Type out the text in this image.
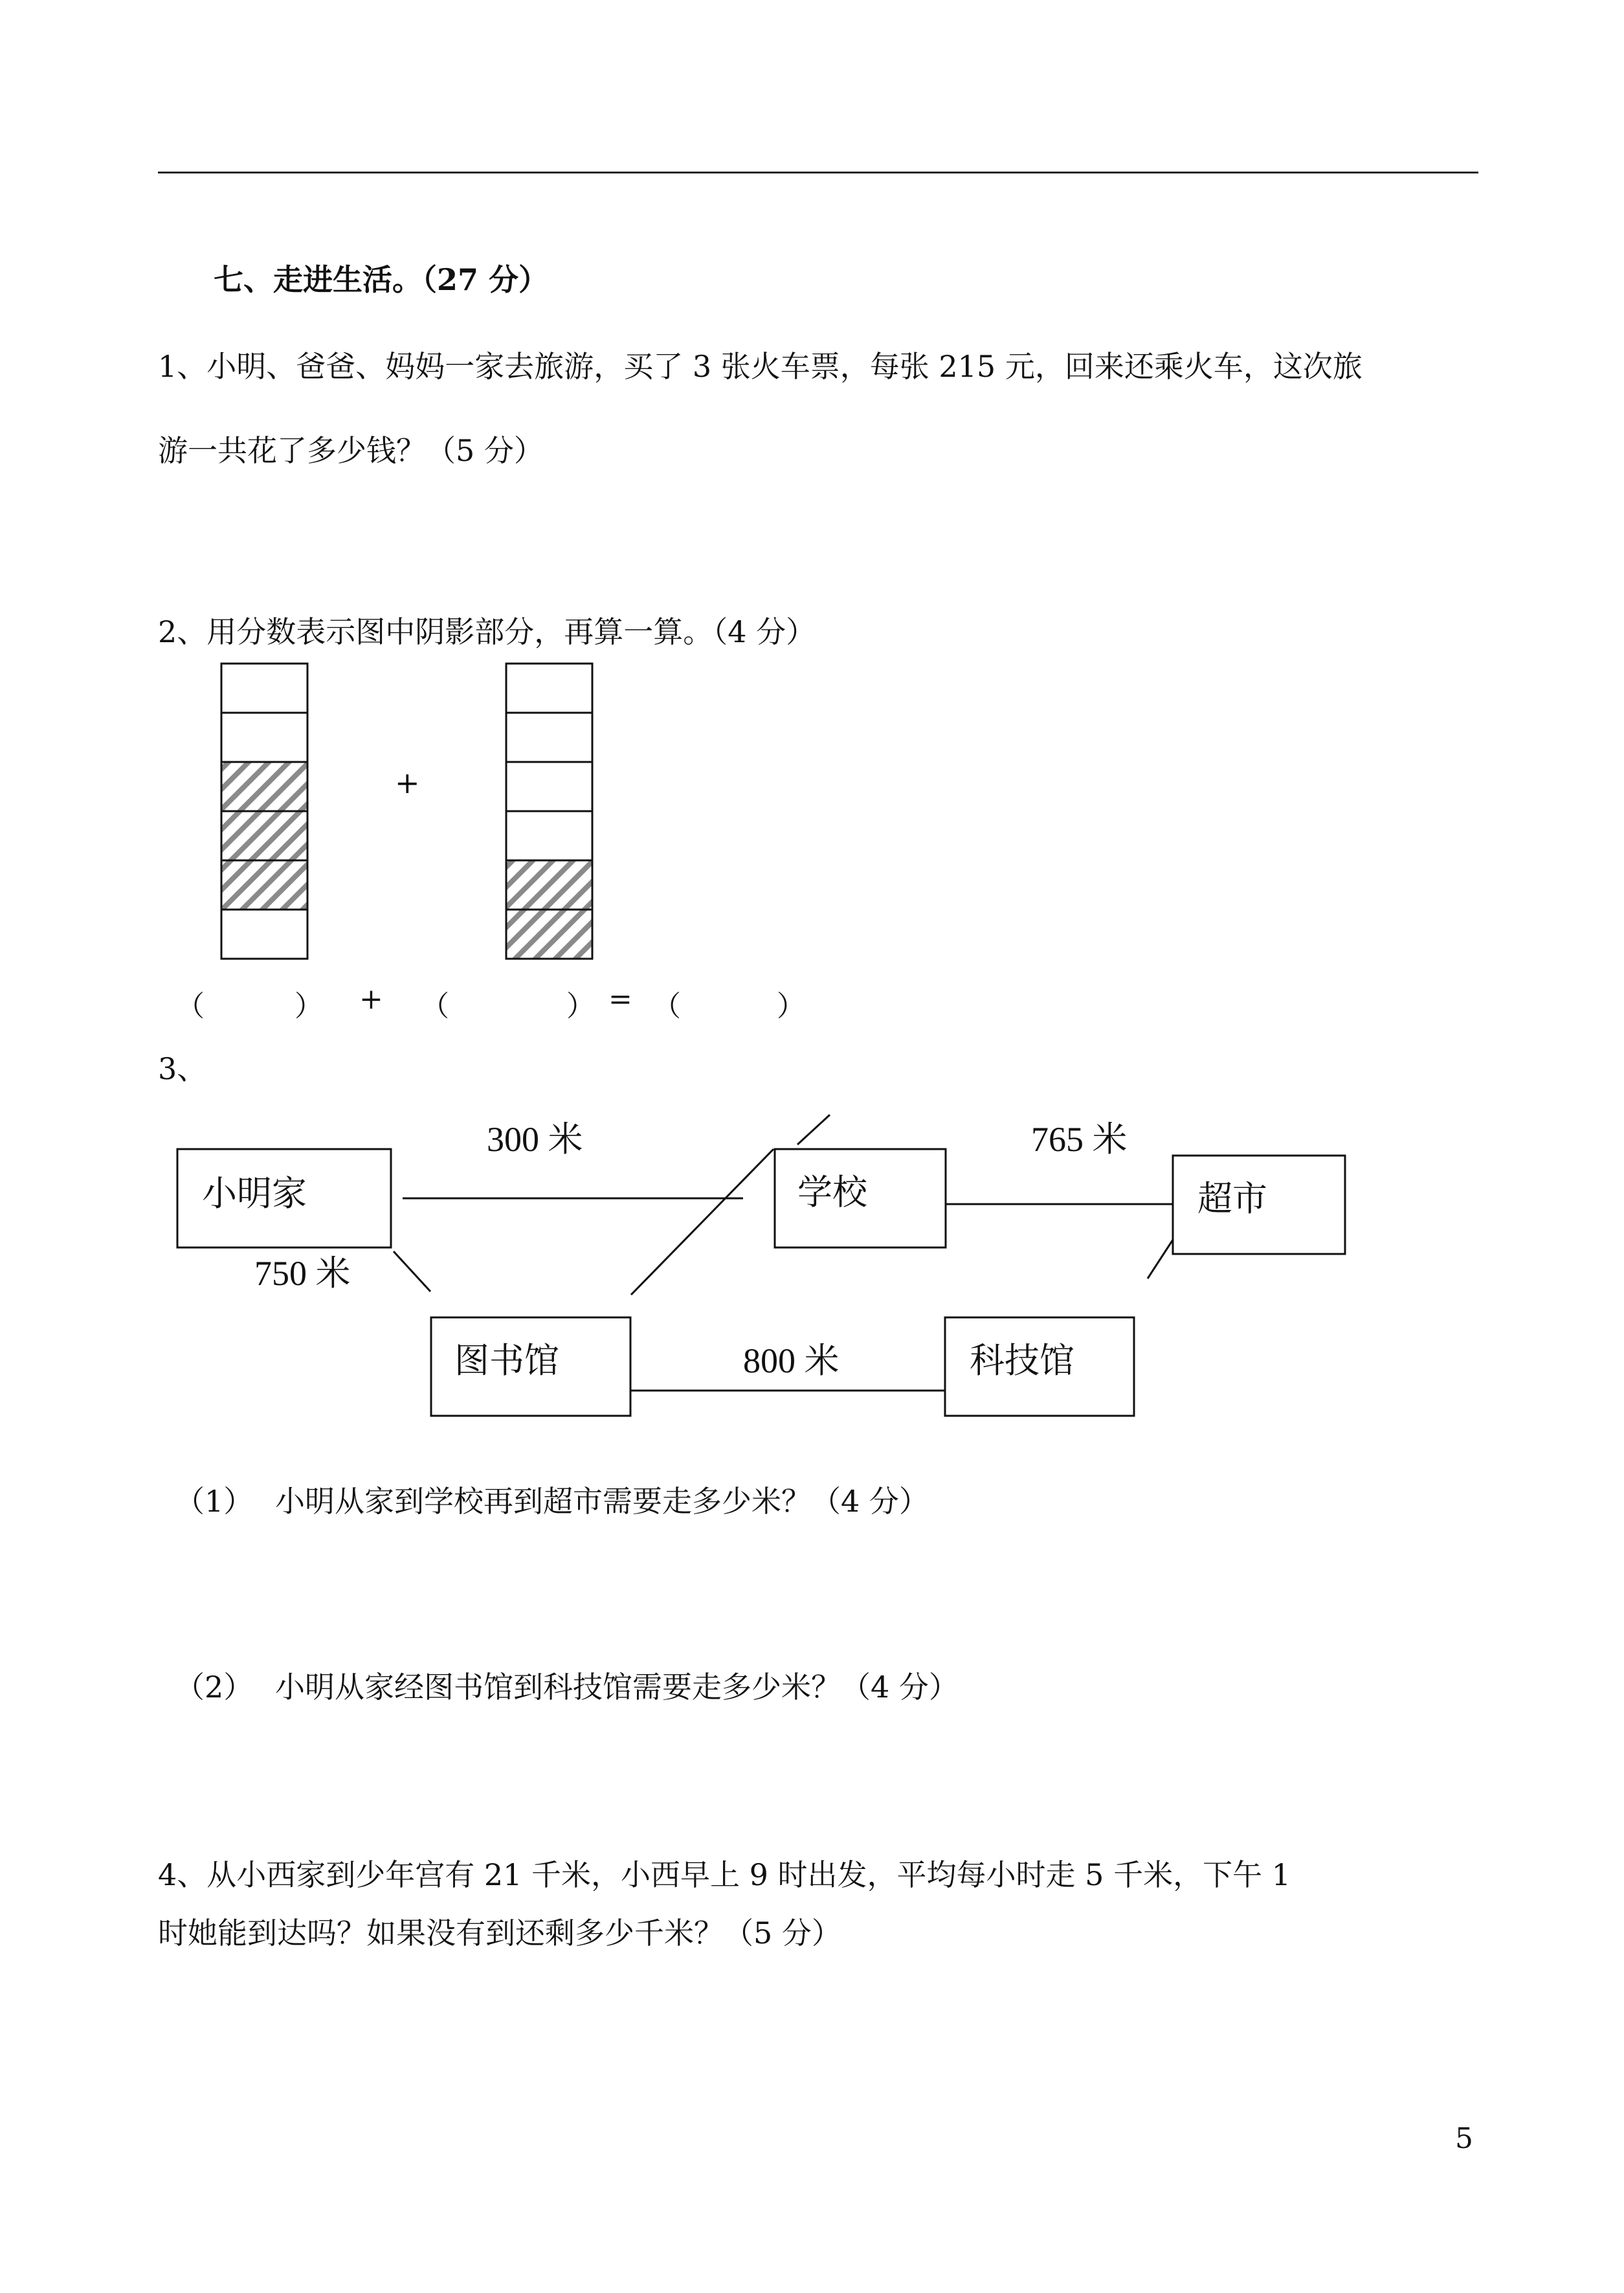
七、走进生活。（27 分）
1、小明、爸爸、妈妈一家去旅游，买了 3 张火车票，每张 215 元，回来还乘火车，这次旅
游一共花了多少钱？（5 分）
2、用分数表示图中阴影部分，再算一算。（4 分）
+
小明家	学校	超市
图书馆	科技馆
300 米	765 米
750 米
800 米
（	） + （	） = （	）
3、
（1） 小明从家到学校再到超市需要走多少米？（4 分）
（2） 小明从家经图书馆到科技馆需要走多少米？（4 分）
4、从小西家到少年宫有 21 千米，小西早上 9 时出发，平均每小时走 5 千米，下午 1
时她能到达吗？如果没有到还剩多少千米？（5 分）
5
